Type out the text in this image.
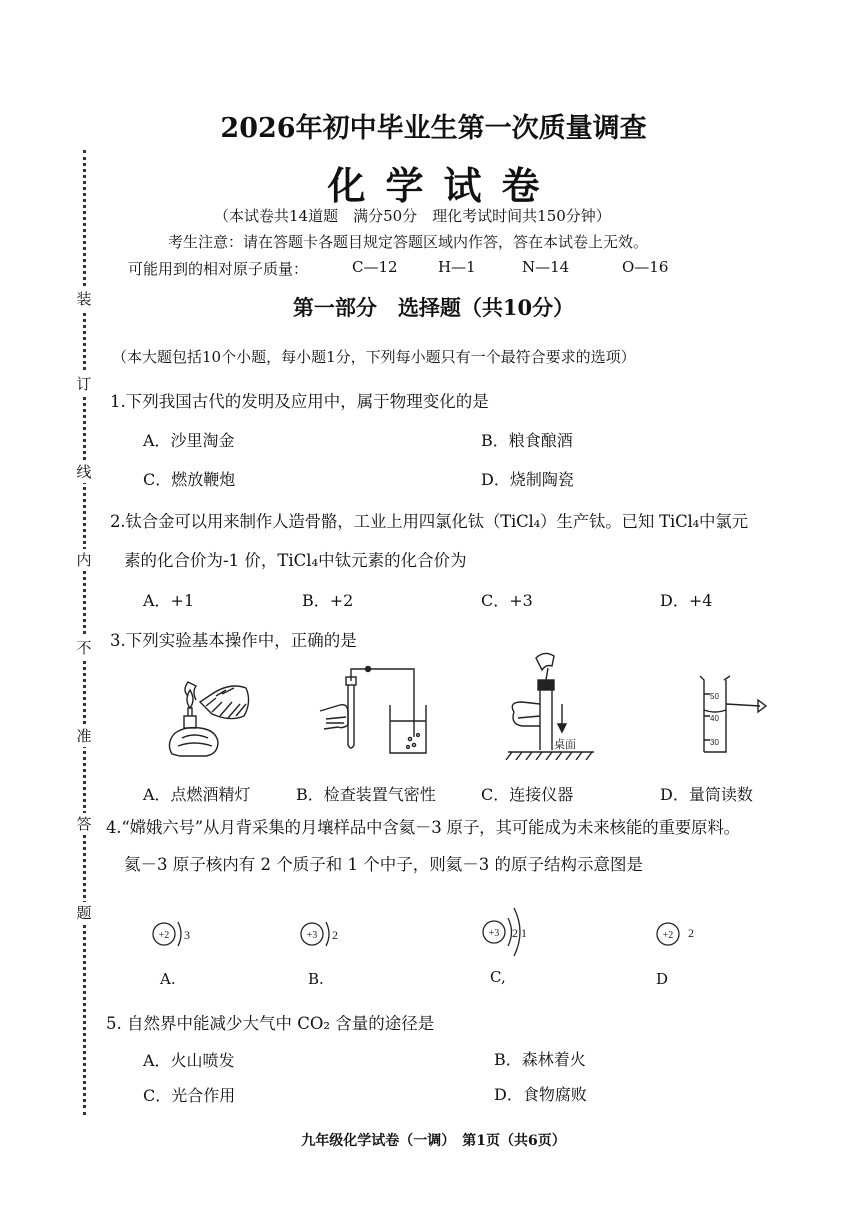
装
订
线
内
不
准
答
题
2026年初中毕业生第一次质量调查
化学试卷
（本试卷共14道题　满分50分　理化考试时间共150分钟）
考生注意：请在答题卡各题目规定答题区域内作答，答在本试卷上无效。
可能用到的相对原子质量：	C—12	H—1	N—14	O—16
第一部分　选择题（共10分）
（本大题包括10个小题，每小题1分，下列每小题只有一个最符合要求的选项）
1.下列我国古代的发明及应用中，属于物理变化的是
A．沙里淘金	B．粮食酿酒
C．燃放鞭炮	D．烧制陶瓷
2.钛合金可以用来制作人造骨骼，工业上用四氯化钛（TiCl₄）生产钛。已知 TiCl₄中氯元
素的化合价为-1 价，TiCl₄中钛元素的化合价为
A．+1	B．+2	C．+3	D．+4
3.下列实验基本操作中，正确的是
桌面
50
40
30
A．点燃酒精灯	B．检查装置气密性	C．连接仪器	D．量筒读数
4.“嫦娥六号”从月背采集的月壤样品中含氦－3 原子，其可能成为未来核能的重要原料。
氦－3 原子核内有 2 个质子和 1 个中子，则氦－3 的原子结构示意图是
+2 3
A.
+3 2
B.
+3 2 1
C,
+2 2
D
5. 自然界中能减少大气中 CO₂ 含量的途径是
A．火山喷发	B．森林着火
C．光合作用	D．食物腐败
九年级化学试卷（一调）　第1页（共6页）
